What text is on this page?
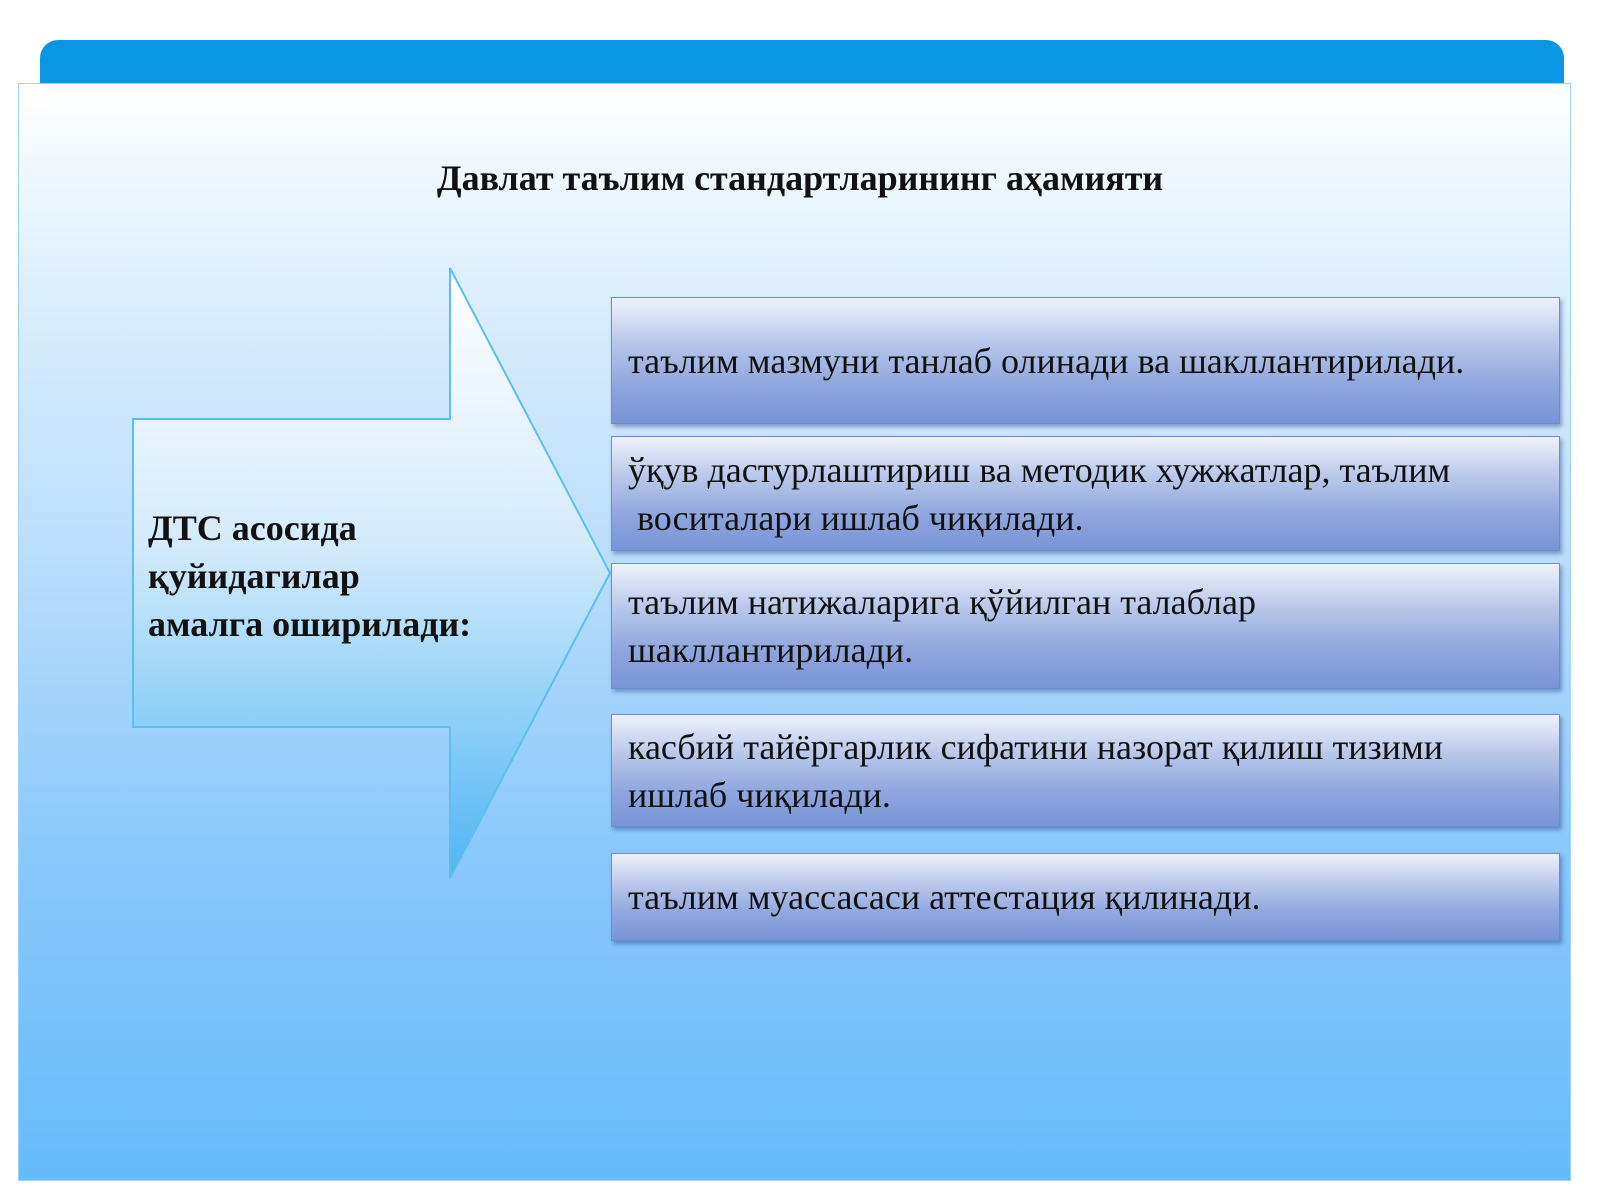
Давлат таълим стандартларининг аҳамияти
ДТС асосида
қуйидагилар
амалга оширилади:
таълим мазмуни танлаб олинади ва шакллантирилади.
ўқув дастурлаштириш ва методик хужжатлар, таълим
воситалари ишлаб чиқилади.
таълим натижаларига қўйилган талаблар
шакллантирилади.
касбий тайёргарлик сифатини назорат қилиш тизими
ишлаб чиқилади.
таълим муассасаси аттестация қилинади.
